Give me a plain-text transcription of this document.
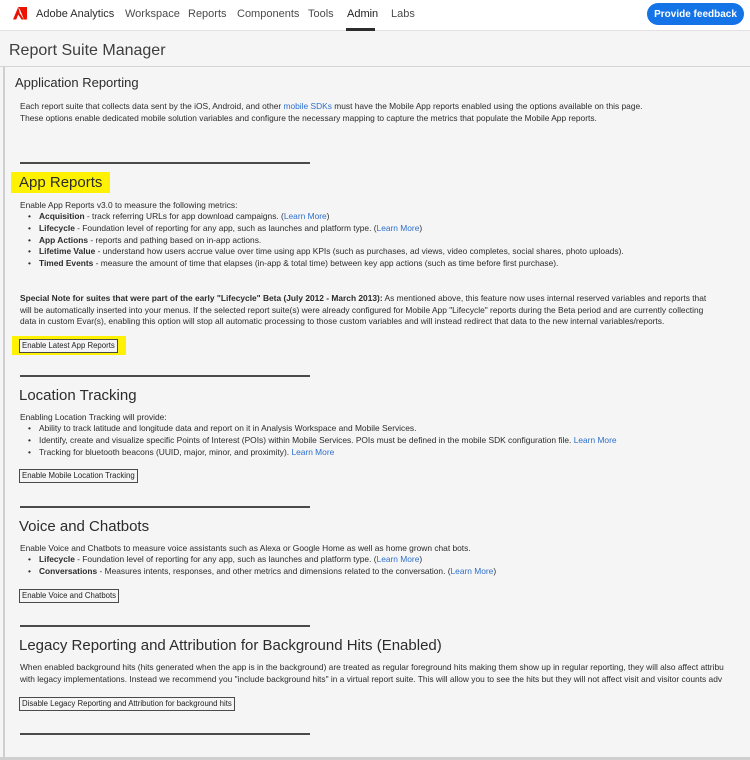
Adobe Analytics Workspace Reports Components Tools Admin Labs	Provide feedback
Report Suite Manager
Application Reporting
Each report suite that collects data sent by the iOS, Android, and other mobile SDKs must have the Mobile App reports enabled using the options available on this page.
These options enable dedicated mobile solution variables and configure the necessary mapping to capture the metrics that populate the Mobile App reports.
App Reports
Enable App Reports v3.0 to measure the following metrics:
• Acquisition - track referring URLs for app download campaigns. (Learn More)
• Lifecycle - Foundation level of reporting for any app, such as launches and platform type. (Learn More)
• App Actions - reports and pathing based on in-app actions.
• Lifetime Value - understand how users accrue value over time using app KPIs (such as purchases, ad views, video completes, social shares, photo uploads).
• Timed Events - measure the amount of time that elapses (in-app & total time) between key app actions (such as time before first purchase).
Special Note for suites that were part of the early "Lifecycle" Beta (July 2012 - March 2013): As mentioned above, this feature now uses internal reserved variables and reports that
will be automatically inserted into your menus. If the selected report suite(s) were already configured for Mobile App "Lifecycle" reports during the Beta period and are currently collecting
data in custom Evar(s), enabling this option will stop all automatic processing to those custom variables and will instead redirect that data to the new internal variables/reports.
Enable Latest App Reports
Location Tracking
Enabling Location Tracking will provide:
• Ability to track latitude and longitude data and report on it in Analysis Workspace and Mobile Services.
• Identify, create and visualize specific Points of Interest (POIs) within Mobile Services. POIs must be defined in the mobile SDK configuration file. Learn More
• Tracking for bluetooth beacons (UUID, major, minor, and proximity). Learn More
Enable Mobile Location Tracking
Voice and Chatbots
Enable Voice and Chatbots to measure voice assistants such as Alexa or Google Home as well as home grown chat bots.
• Lifecycle - Foundation level of reporting for any app, such as launches and platform type. (Learn More)
• Conversations - Measures intents, responses, and other metrics and dimensions related to the conversation. (Learn More)
Enable Voice and Chatbots
Legacy Reporting and Attribution for Background Hits (Enabled)
When enabled background hits (hits generated when the app is in the background) are treated as regular foreground hits making them show up in regular reporting, they will also affect attribu
with legacy implementations. Instead we recommend you "include background hits" in a virtual report suite. This will allow you to see the hits but they will not affect visit and visitor counts adv
Disable Legacy Reporting and Attribution for background hits
